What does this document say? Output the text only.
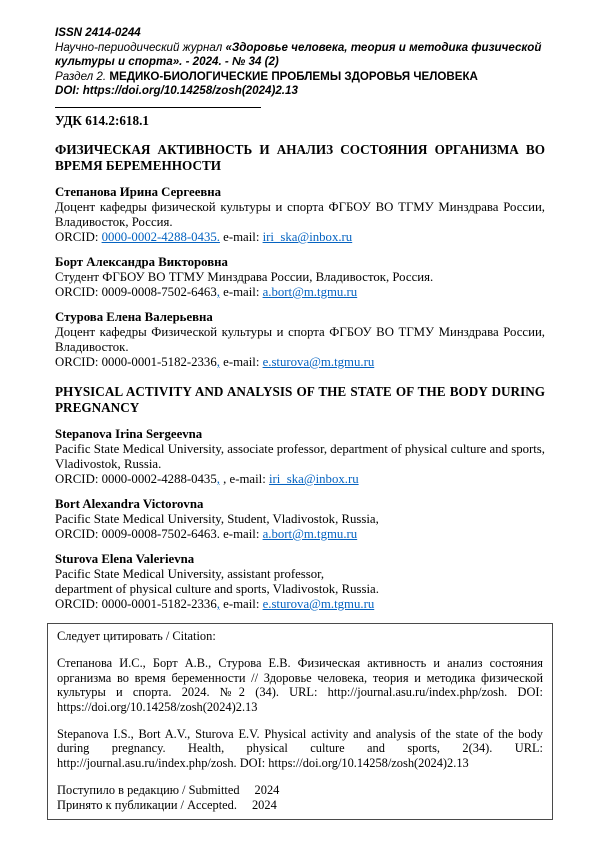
ISSN 2414-0244
Научно-периодический журнал «Здоровье человека, теория и методика физической культуры и спорта». - 2024. - № 34 (2)
Раздел 2. МЕДИКО-БИОЛОГИЧЕСКИЕ ПРОБЛЕМЫ ЗДОРОВЬЯ ЧЕЛОВЕКА
DOI: https://doi.org/10.14258/zosh(2024)2.13
УДК 614.2:618.1
ФИЗИЧЕСКАЯ АКТИВНОСТЬ И АНАЛИЗ СОСТОЯНИЯ ОРГАНИЗМА ВО ВРЕМЯ БЕРЕМЕННОСТИ
Степанова Ирина Сергеевна
Доцент кафедры физической культуры и спорта ФГБОУ ВО ТГМУ Минздрава России, Владивосток, Россия.
ORCID: 0000-0002-4288-0435. e-mail: iri_ska@inbox.ru
Борт Александра Викторовна
Студент ФГБОУ ВО ТГМУ Минздрава России, Владивосток, Россия.
ORCID: 0009-0008-7502-6463, e-mail: a.bort@m.tgmu.ru
Стурова Елена Валерьевна
Доцент кафедры Физической культуры и спорта ФГБОУ ВО ТГМУ Минздрава России, Владивосток.
ORCID: 0000-0001-5182-2336, e-mail: e.sturova@m.tgmu.ru
PHYSICAL ACTIVITY AND ANALYSIS OF THE STATE OF THE BODY DURING PREGNANCY
Stepanova Irina Sergeevna
Pacific State Medical University, associate professor, department of physical culture and sports, Vladivostok, Russia.
ORCID: 0000-0002-4288-0435, , e-mail: iri_ska@inbox.ru
Bort Alexandra Victorovna
Pacific State Medical University, Student, Vladivostok, Russia,
ORCID: 0009-0008-7502-6463. e-mail: a.bort@m.tgmu.ru
Sturova Elena Valerievna
Pacific State Medical University, assistant professor,
department of physical culture and sports, Vladivostok, Russia.
ORCID: 0000-0001-5182-2336, e-mail: e.sturova@m.tgmu.ru
Следует цитировать / Citation:

Степанова И.С., Борт А.В., Стурова Е.В. Физическая активность и анализ состояния организма во время беременности // Здоровье человека, теория и методика физической культуры и спорта. 2024. №2 (34). URL: http://journal.asu.ru/index.php/zosh. DOI: https://doi.org/10.14258/zosh(2024)2.13

Stepanova I.S., Bort A.V., Sturova E.V. Physical activity and analysis of the state of the body during pregnancy. Health, physical culture and sports, 2(34). URL: http://journal.asu.ru/index.php/zosh. DOI: https://doi.org/10.14258/zosh(2024)2.13

Поступило в редакцию / Submitted 2024
Принято к публикации / Accepted. 2024
